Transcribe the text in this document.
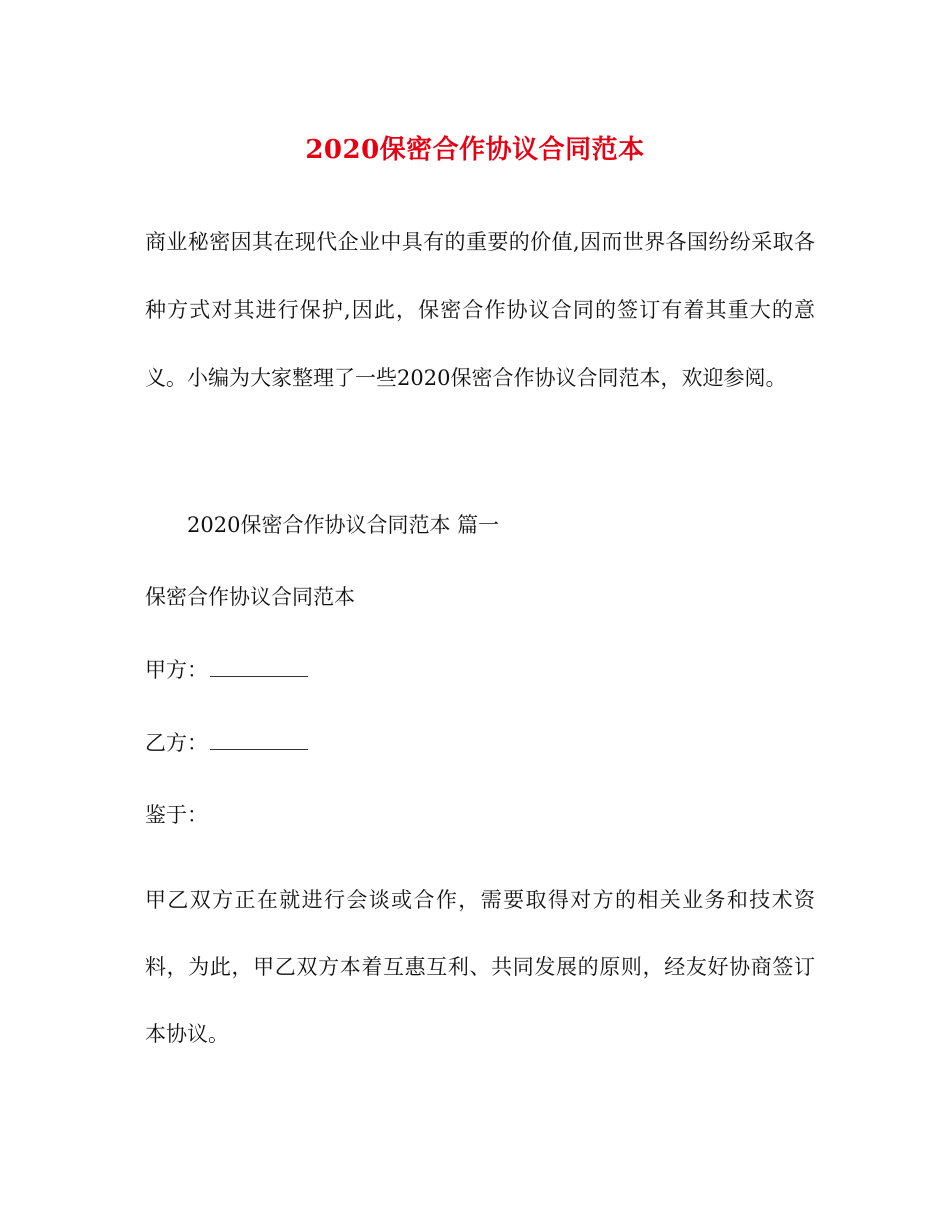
2020保密合作协议合同范本

商业秘密因其在现代企业中具有的重要的价值,因而世界各国纷纷采取各种方式对其进行保护,因此，保密合作协议合同的签订有着其重大的意义。小编为大家整理了一些2020保密合作协议合同范本，欢迎参阅。

2020保密合作协议合同范本 篇一

保密合作协议合同范本

甲方：

乙方：

鉴于：

甲乙双方正在就进行会谈或合作，需要取得对方的相关业务和技术资料，为此，甲乙双方本着互惠互利、共同发展的原则，经友好协商签订本协议。
